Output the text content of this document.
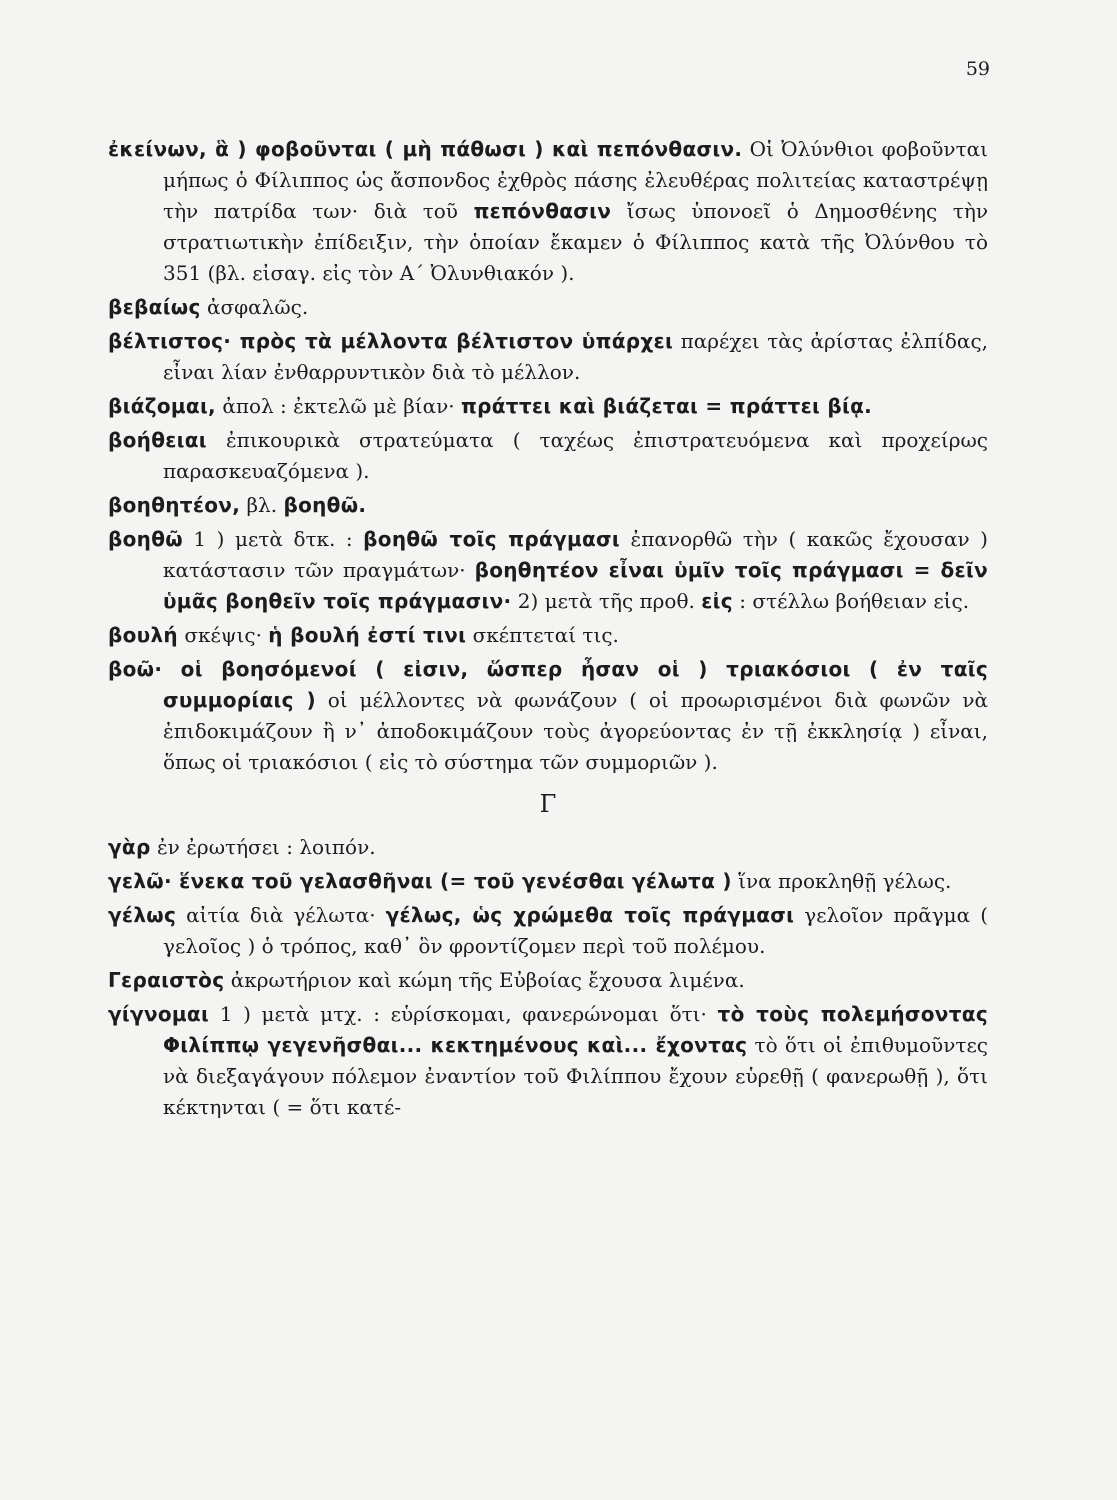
59

ἐκείνων, ἃ ) φοβοῦνται ( μὴ πάθωσι ) καὶ πεπόνθασιν. Οἱ Ὀλύνθιοι φοβοῦνται μήπως ὁ Φίλιππος ὡς ἄσπονδος ἐχθρὸς πάσης ἐλευθέρας πολιτείας καταστρέψῃ τὴν πατρίδα των· διὰ τοῦ πεπόνθασιν ἴσως ὑπονοεῖ ὁ Δημοσθένης τὴν στρατιωτικὴν ἐπίδειξιν, τὴν ὁποίαν ἔκαμεν ὁ Φίλιππος κατὰ τῆς Ὀλύνθου τὸ 351 (βλ. εἰσαγ. εἰς τὸν Α΄ Ὀλυνθιακόν ).

βεβαίως ἀσφαλῶς.

βέλτιστος· πρὸς τὰ μέλλοντα βέλτιστον ὑπάρχει παρέχει τὰς ἀρίστας ἐλπίδας, εἶναι λίαν ἐνθαρρυντικὸν διὰ τὸ μέλλον.

βιάζομαι, ἀπολ : ἐκτελῶ μὲ βίαν· πράττει καὶ βιάζεται = πράττει βίᾳ.

βοήθειαι ἐπικουρικὰ στρατεύματα ( ταχέως ἐπιστρατευόμενα καὶ προχείρως παρασκευαζόμενα ).

βοηθητέον, βλ. βοηθῶ.

βοηθῶ 1 ) μετὰ δτκ. : βοηθῶ τοῖς πράγμασι ἐπανορθῶ τὴν ( κακῶς ἔχουσαν ) κατάστασιν τῶν πραγμάτων· βοηθητέον εἶναι ὑμῖν τοῖς πράγμασι = δεῖν ὑμᾶς βοηθεῖν τοῖς πράγμασιν· 2) μετὰ τῆς προθ. εἰς : στέλλω βοήθειαν εἰς.

βουλή σκέψις· ἡ βουλή ἐστί τινι σκέπτεταί τις.

βοῶ· οἱ βοησόμενοί ( εἰσιν, ὥσπερ ἦσαν οἱ ) τριακόσιοι ( ἐν ταῖς συμμορίαις ) οἱ μέλλοντες νὰ φωνάζουν ( οἱ προωρισμένοι διὰ φωνῶν νὰ ἐπιδοκιμάζουν ἢ ν᾿ ἀποδοκιμάζουν τοὺς ἀγορεύοντας ἐν τῇ ἐκκλησίᾳ ) εἶναι, ὅπως οἱ τριακόσιοι ( εἰς τὸ σύστημα τῶν συμμοριῶν ).

Γ

γὰρ ἐν ἐρωτήσει : λοιπόν.

γελῶ· ἕνεκα τοῦ γελασθῆναι (= τοῦ γενέσθαι γέλωτα ) ἵνα προκληθῇ γέλως.

γέλως αἰτία διὰ γέλωτα· γέλως, ὡς χρώμεθα τοῖς πράγμασι γελοῖον πρᾶγμα ( γελοῖος ) ὁ τρόπος, καθ᾿ ὃν φροντίζομεν περὶ τοῦ πολέμου.

Γεραιστὸς ἀκρωτήριον καὶ κώμη τῆς Εὐβοίας ἔχουσα λιμένα.

γίγνομαι 1 ) μετὰ μτχ. : εὑρίσκομαι, φανερώνομαι ὅτι· τὸ τοὺς πολεμήσοντας Φιλίππῳ γεγενῆσθαι... κεκτημένους καὶ... ἔχοντας τὸ ὅτι οἱ ἐπιθυμοῦντες νὰ διεξαγάγουν πόλεμον ἐναντίον τοῦ Φιλίππου ἔχουν εὑρεθῇ ( φανερωθῇ ), ὅτι κέκτηνται ( = ὅτι κατέ-
